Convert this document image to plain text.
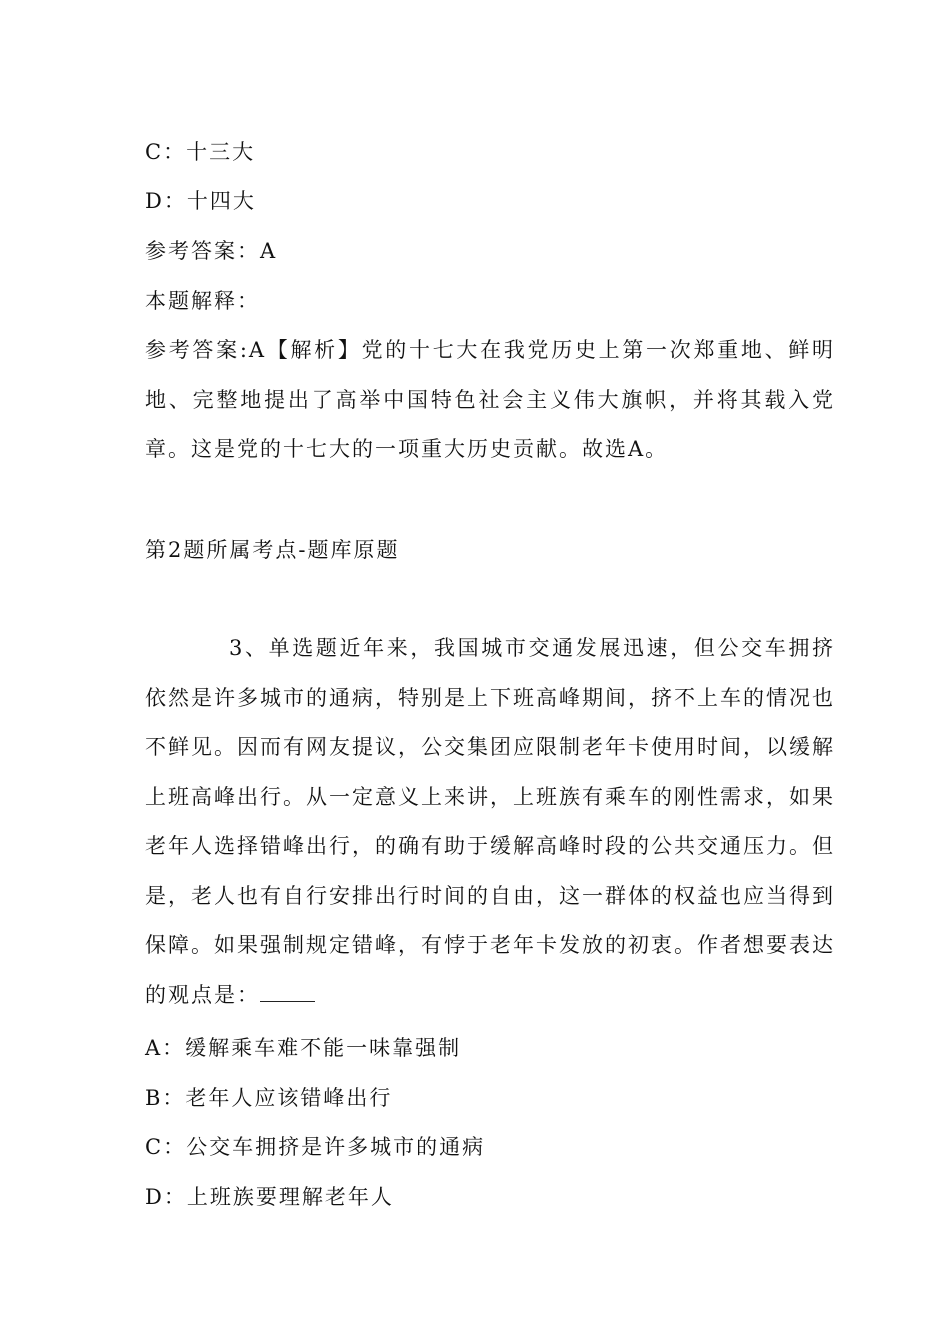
C：十三大
D：十四大
参考答案：A
本题解释：

参考答案:A【解析】党的十七大在我党历史上第一次郑重地、鲜明地、完整地提出了高举中国特色社会主义伟大旗帜，并将其载入党章。这是党的十七大的一项重大历史贡献。故选A。

第2题所属考点-题库原题

3、单选题近年来，我国城市交通发展迅速，但公交车拥挤依然是许多城市的通病，特别是上下班高峰期间，挤不上车的情况也不鲜见。因而有网友提议，公交集团应限制老年卡使用时间，以缓解上班高峰出行。从一定意义上来讲，上班族有乘车的刚性需求，如果老年人选择错峰出行，的确有助于缓解高峰时段的公共交通压力。但是，老人也有自行安排出行时间的自由，这一群体的权益也应当得到保障。如果强制规定错峰，有悖于老年卡发放的初衷。作者想要表达的观点是：

A：缓解乘车难不能一味靠强制
B：老年人应该错峰出行
C：公交车拥挤是许多城市的通病
D：上班族要理解老年人
